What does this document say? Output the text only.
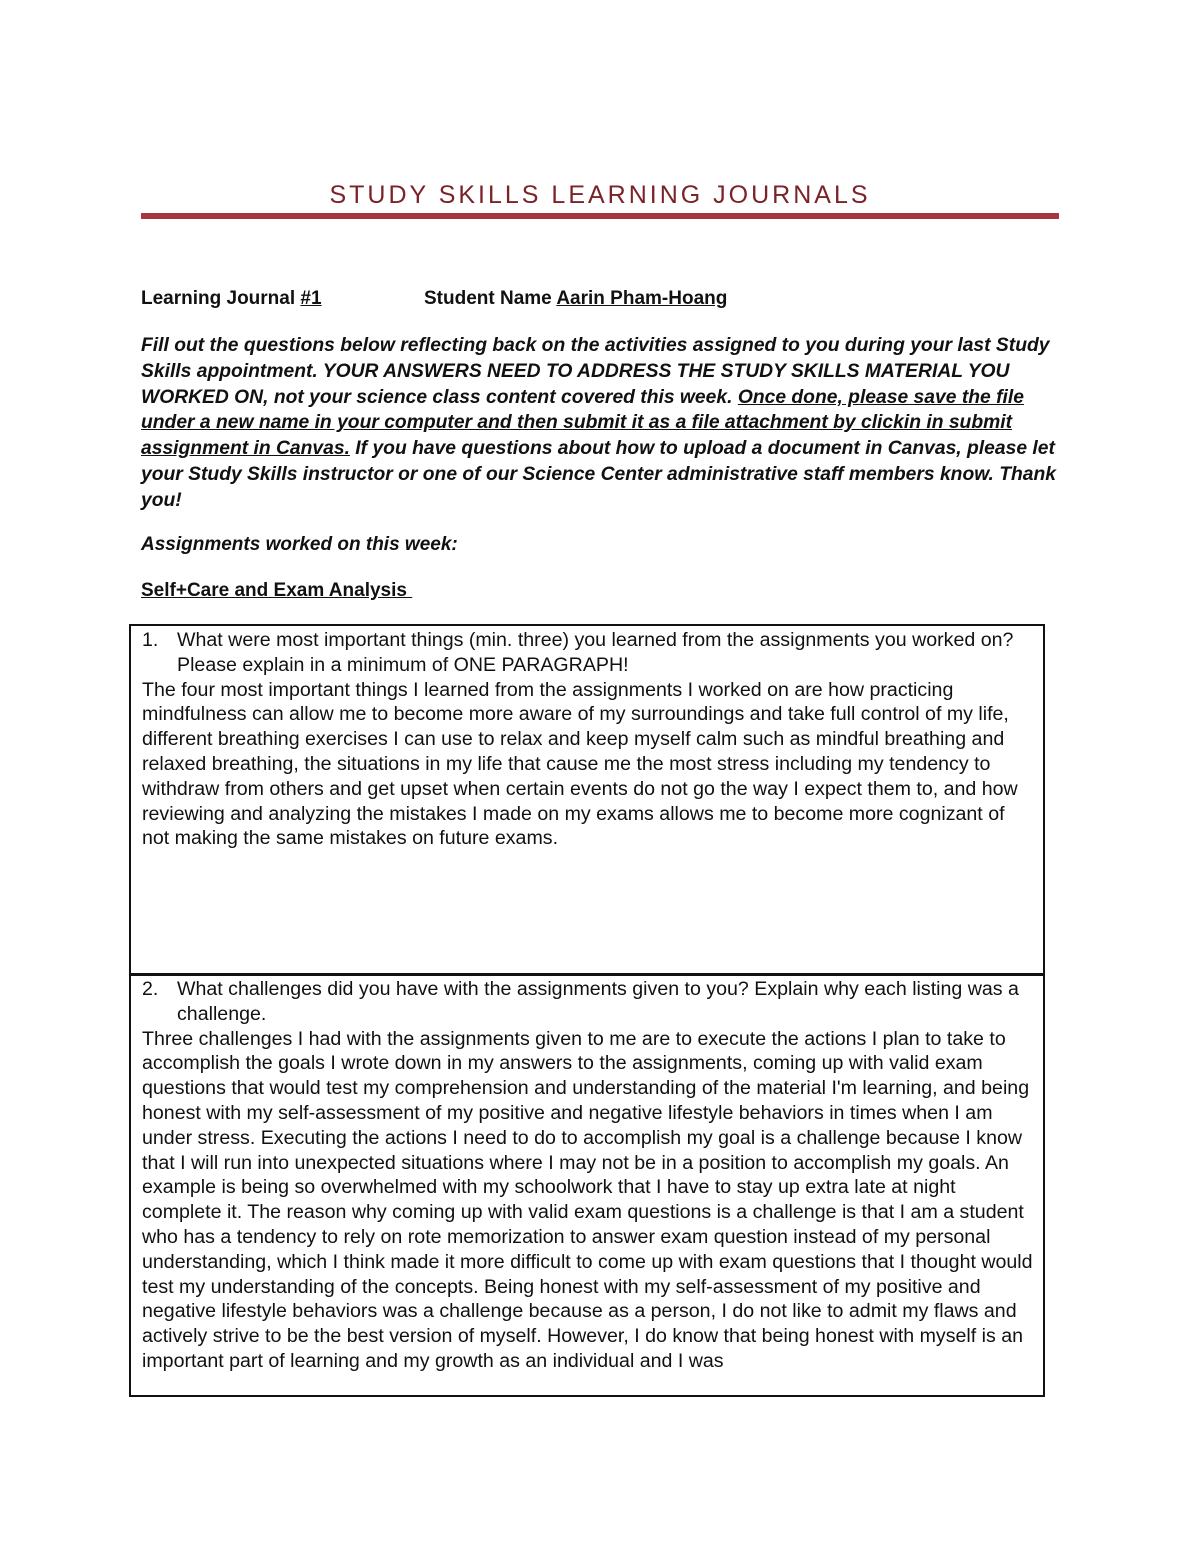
STUDY SKILLS LEARNING JOURNALS
Learning Journal #1	Student Name Aarin Pham-Hoang
Fill out the questions below reflecting back on the activities assigned to you during your last Study Skills appointment. YOUR ANSWERS NEED TO ADDRESS THE STUDY SKILLS MATERIAL YOU WORKED ON, not your science class content covered this week. Once done, please save the file under a new name in your computer and then submit it as a file attachment by clickin in submit assignment in Canvas. If you have questions about how to upload a document in Canvas, please let your Study Skills instructor or one of our Science Center administrative staff members know. Thank you!
Assignments worked on this week:
Self+Care and Exam Analysis
1. What were most important things (min. three) you learned from the assignments you worked on? Please explain in a minimum of ONE PARAGRAPH!

The four most important things I learned from the assignments I worked on are how practicing mindfulness can allow me to become more aware of my surroundings and take full control of my life, different breathing exercises I can use to relax and keep myself calm such as mindful breathing and relaxed breathing, the situations in my life that cause me the most stress including my tendency to withdraw from others and get upset when certain events do not go the way I expect them to, and how reviewing and analyzing the mistakes I made on my exams allows me to become more cognizant of not making the same mistakes on future exams.

2. What challenges did you have with the assignments given to you? Explain why each listing was a challenge.

Three challenges I had with the assignments given to me are to execute the actions I plan to take to accomplish the goals I wrote down in my answers to the assignments, coming up with valid exam questions that would test my comprehension and understanding of the material I'm learning, and being honest with my self-assessment of my positive and negative lifestyle behaviors in times when I am under stress. Executing the actions I need to do to accomplish my goal is a challenge because I know that I will run into unexpected situations where I may not be in a position to accomplish my goals. An example is being so overwhelmed with my schoolwork that I have to stay up extra late at night complete it. The reason why coming up with valid exam questions is a challenge is that I am a student who has a tendency to rely on rote memorization to answer exam question instead of my personal understanding, which I think made it more difficult to come up with exam questions that I thought would test my understanding of the concepts. Being honest with my self-assessment of my positive and negative lifestyle behaviors was a challenge because as a person, I do not like to admit my flaws and actively strive to be the best version of myself. However, I do know that being honest with myself is an important part of learning and my growth as an individual and I was
